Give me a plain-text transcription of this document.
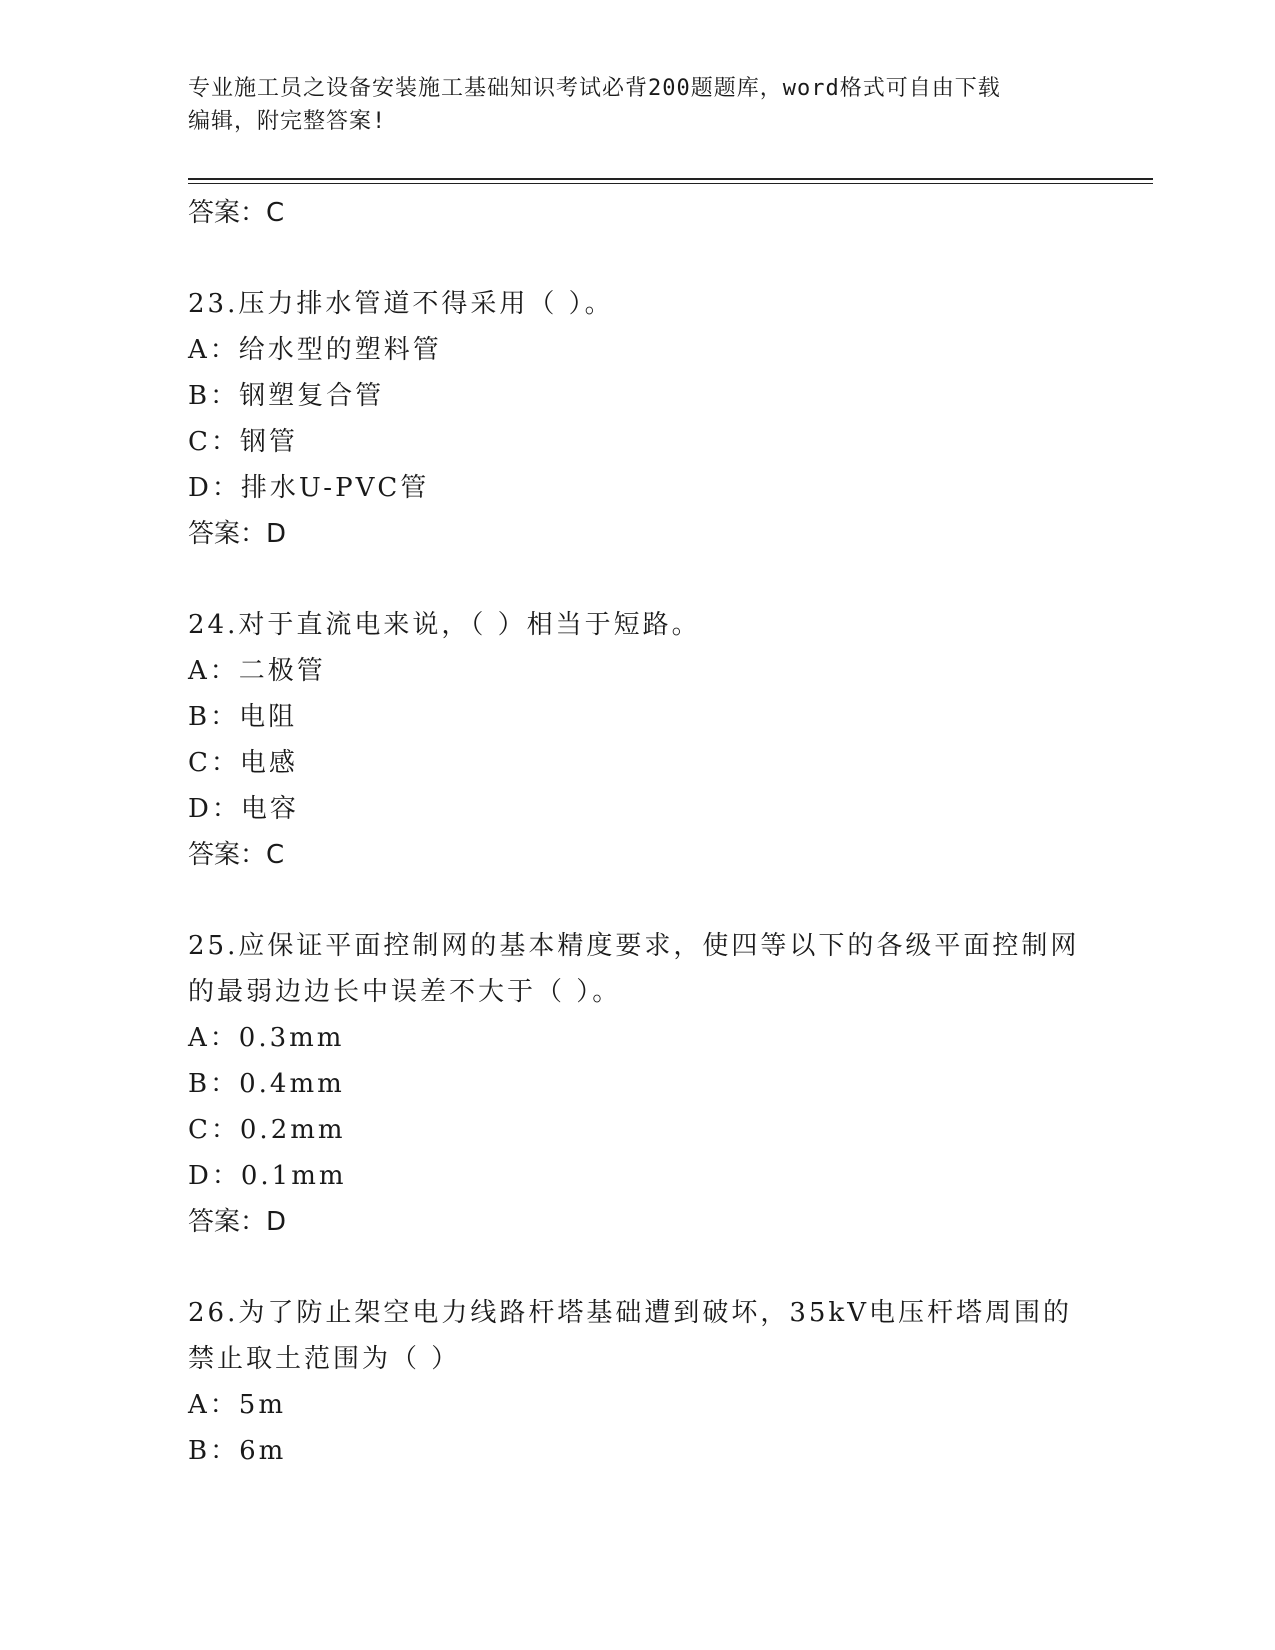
专业施工员之设备安装施工基础知识考试必背200题题库，word格式可自由下载
编辑，附完整答案!
答案：C
23.压力排水管道不得采用（ ）。
A：给水型的塑料管
B：钢塑复合管
C：钢管
D：排水U-PVC管
答案：D
24.对于直流电来说，（ ）相当于短路。
A：二极管
B：电阻
C：电感
D：电容
答案：C
25.应保证平面控制网的基本精度要求，使四等以下的各级平面控制网的最弱边边长中误差不大于（ ）。
A：0.3mm
B：0.4mm
C：0.2mm
D：0.1mm
答案：D
26.为了防止架空电力线路杆塔基础遭到破坏，35kV电压杆塔周围的禁止取土范围为（ ）
A：5m
B：6m
